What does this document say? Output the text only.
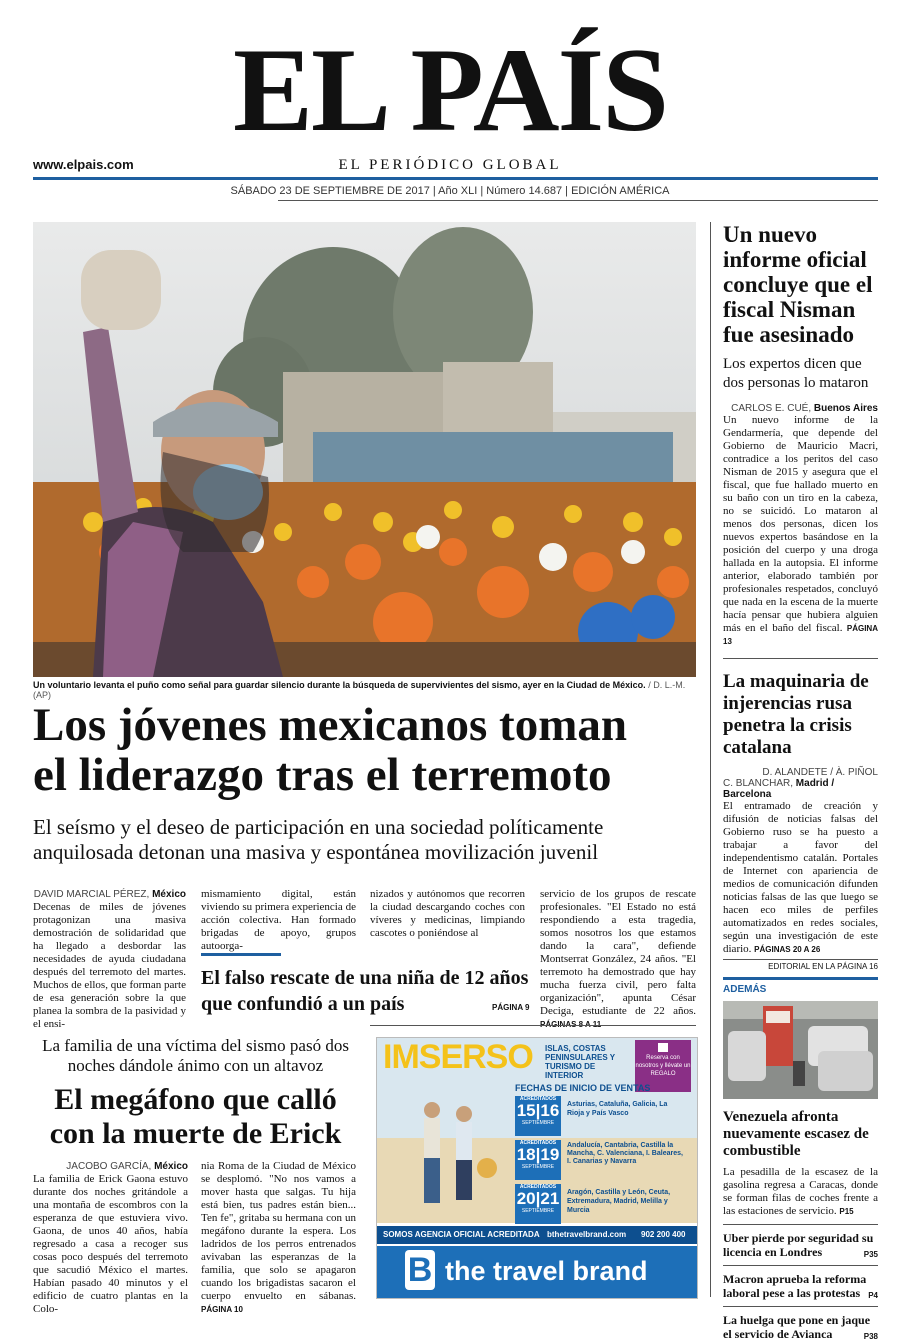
EL PAÍS
EL PERIÓDICO GLOBAL
www.elpais.com
SÁBADO 23 DE SEPTIEMBRE DE 2017 | Año XLI | Número 14.687 | EDICIÓN AMÉRICA
Un voluntario levanta el puño como señal para guardar silencio durante la búsqueda de supervivientes del sismo, ayer en la Ciudad de México. / D. L.-M. (AP)
Los jóvenes mexicanos toman
el liderazgo tras el terremoto
El seísmo y el deseo de participación en una sociedad políticamente
anquilosada detonan una masiva y espontánea movilización juvenil
DAVID MARCIAL PÉREZ, México
Decenas de miles de jóvenes protagonizan una masiva demostración de solidaridad que ha llegado a desbordar las necesidades de ayuda ciudadana después del terremoto del martes. Muchos de ellos, que forman parte de esa generación sobre la que planea la sombra de la pasividad y el ensi-
mismamiento digital, están viviendo su primera experiencia de acción colectiva. Han formado brigadas de apoyo, grupos autoorga-
nizados y autónomos que recorren la ciudad descargando coches con víveres y medicinas, limpiando cascotes o poniéndose al
servicio de los grupos de rescate profesionales. "El Estado no está respondiendo a esta tragedia, somos nosotros los que estamos dando la cara", defiende Montserrat González, 24 años. "El terremoto ha demostrado que hay mucha fuerza civil, pero falta organización", apunta César Deciga, estudiante de 22 años.
El falso rescate de una niña de 12 años que confundió a un país	PÁGINA 9
La familia de una víctima del sismo pasó dos noches dándole ánimo con un altavoz
El megáfono que calló con la muerte de Erick
JACOBO GARCÍA, México
La familia de Erick Gaona estuvo durante dos noches gritándole a una montaña de escombros con la esperanza de que estuviera vivo. Gaona, de unos 40 años, había regresado a casa a recoger sus cosas poco después del terremoto que sacudió México el martes. Habían pasado 40 minutos y el edificio de cuatro plantas en la Colo-
nia Roma de la Ciudad de México se desplomó. "No nos vamos a mover hasta que salgas. Tu hija está bien, tus padres están bien... Ten fe", gritaba su hermana con un megáfono durante la espera. Los ladridos de los perros entrenados avivaban las esperanzas de la familia, que solo se apagaron cuando los brigadistas sacaron el cuerpo envuelto en sábanas. PÁGINA 10
IMSERSO ISLAS, COSTAS PENINSULARES Y TURISMO DE INTERIOR
Reserva con nosotros y llévate un REGALO
FECHAS DE INICIO DE VENTAS
ACREDITADOS
15|16
SEPTIEMBRE
Asturias, Cataluña, Galicia, La Rioja y País Vasco
ACREDITADOS
18|19
SEPTIEMBRE
Andalucía, Cantabria, Castilla la Mancha, C. Valenciana, I. Baleares, I. Canarias y Navarra
ACREDITADOS
20|21
SEPTIEMBRE
Aragón, Castilla y León, Ceuta, Extremadura, Madrid, Melilla y Murcia
SOMOS AGENCIA OFICIAL ACREDITADA bthetravelbrand.com 902 200 400
B the travel brand
Un nuevo informe oficial concluye que el fiscal Nisman fue asesinado
Los expertos dicen que dos personas lo mataron
CARLOS E. CUÉ, Buenos Aires
Un nuevo informe de la Gendarmería, que depende del Gobierno de Mauricio Macri, contradice a los peritos del caso Nisman de 2015 y asegura que el fiscal, que fue hallado muerto en su baño con un tiro en la cabeza, no se suicidó. Lo mataron al menos dos personas, dicen los nuevos expertos basándose en la posición del cuerpo y una droga hallada en la autopsia. El informe anterior, elaborado también por profesionales respetados, concluyó que nada en la escena de la muerte hacía pensar que hubiera alguien más en el baño del fiscal. PÁGINA 13
La maquinaria de injerencias rusa penetra la crisis catalana
D. ALANDETE / À. PIÑOL
C. BLANCHAR, Madrid / Barcelona
El entramado de creación y difusión de noticias falsas del Gobierno ruso se ha puesto a trabajar a favor del independentismo catalán. Portales de Internet con apariencia de medios de comunicación difunden noticias falsas de las que luego se hacen eco miles de perfiles automatizados en redes sociales, según una investigación de este diario. PÁGINAS 20 A 26
EDITORIAL EN LA PÁGINA 16
ADEMÁS
Venezuela afronta nuevamente escasez de combustible
La pesadilla de la escasez de la gasolina regresa a Caracas, donde se forman filas de coches frente a las estaciones de servicio. P15
Uber pierde por seguridad su licencia en Londres	P35
Macron aprueba la reforma laboral pese a las protestas P4
La huelga que pone en jaque el servicio de Avianca	P38
